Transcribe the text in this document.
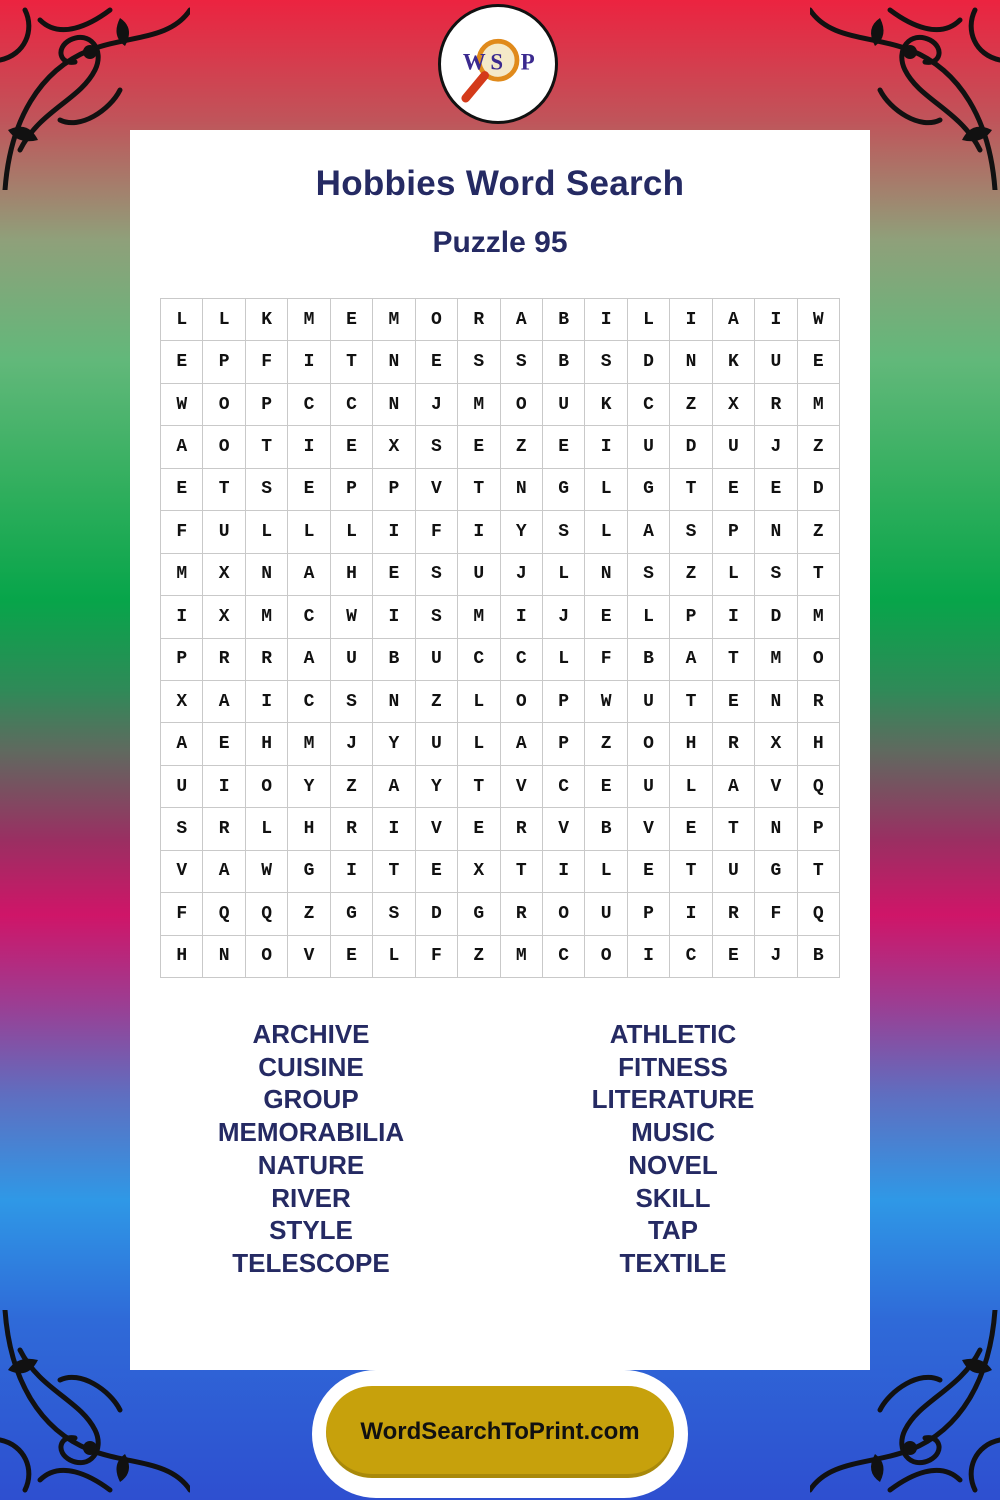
W S P
Hobbies Word Search
Puzzle 95
L	L	K	M	E	M	O	R	A	B	I	L	I	A	I	W
E	P	F	I	T	N	E	S	S	B	S	D	N	K	U	E
W	O	P	C	C	N	J	M	O	U	K	C	Z	X	R	M
A	O	T	I	E	X	S	E	Z	E	I	U	D	U	J	Z
E	T	S	E	P	P	V	T	N	G	L	G	T	E	E	D
F	U	L	L	L	I	F	I	Y	S	L	A	S	P	N	Z
M	X	N	A	H	E	S	U	J	L	N	S	Z	L	S	T
I	X	M	C	W	I	S	M	I	J	E	L	P	I	D	M
P	R	R	A	U	B	U	C	C	L	F	B	A	T	M	O
X	A	I	C	S	N	Z	L	O	P	W	U	T	E	N	R
A	E	H	M	J	Y	U	L	A	P	Z	O	H	R	X	H
U	I	O	Y	Z	A	Y	T	V	C	E	U	L	A	V	Q
S	R	L	H	R	I	V	E	R	V	B	V	E	T	N	P
V	A	W	G	I	T	E	X	T	I	L	E	T	U	G	T
F	Q	Q	Z	G	S	D	G	R	O	U	P	I	R	F	Q
H	N	O	V	E	L	F	Z	M	C	O	I	C	E	J	B
ARCHIVE
CUISINE
GROUP
MEMORABILIA
NATURE
RIVER
STYLE
TELESCOPE
ATHLETIC
FITNESS
LITERATURE
MUSIC
NOVEL
SKILL
TAP
TEXTILE
WordSearchToPrint.com
